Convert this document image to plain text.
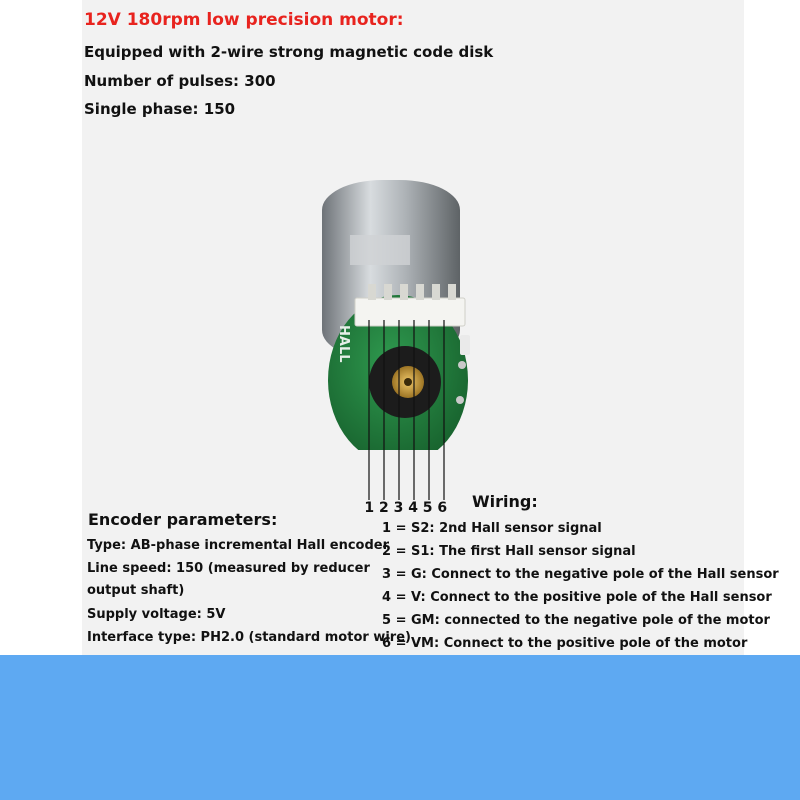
12V 180rpm low precision motor:
Equipped with 2-wire strong magnetic code disk
Number of pulses: 300
Single phase: 150
HALL
1 2 3 4 5 6
Encoder parameters:
Type: AB-phase incremental Hall encoder
Line speed: 150 (measured by reducer
output shaft)
Supply voltage: 5V
Interface type: PH2.0 (standard motor wire)
Wiring:
1 = S2: 2nd Hall sensor signal
2 = S1: The first Hall sensor signal
3 = G: Connect to the negative pole of the Hall sensor
4 = V: Connect to the positive pole of the Hall sensor
5 = GM: connected to the negative pole of the motor
6 = VM: Connect to the positive pole of the motor
